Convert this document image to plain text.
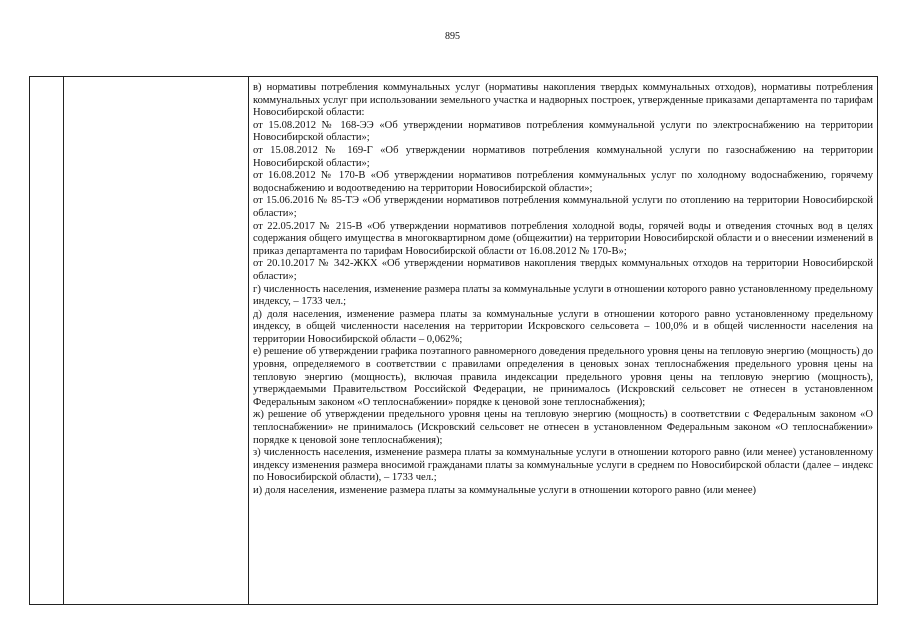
895

в) нормативы потребления коммунальных услуг (нормативы накопления твердых коммунальных отходов), нормативы потребления коммунальных услуг при использовании земельного участка и надворных построек, утвержденные приказами департамента по тарифам Новосибирской области:

от 15.08.2012 № 168-ЭЭ «Об утверждении нормативов потребления коммунальной услуги по электроснабжению на территории Новосибирской области»;

от 15.08.2012 № 169-Г «Об утверждении нормативов потребления коммунальной услуги по газоснабжению на территории Новосибирской области»;

от 16.08.2012 № 170-В «Об утверждении нормативов потребления коммунальных услуг по холодному водоснабжению, горячему водоснабжению и водоотведению на территории Новосибирской области»;

от 15.06.2016 № 85-ТЭ «Об утверждении нормативов потребления коммунальной услуги по отоплению на территории Новосибирской области»;

от 22.05.2017 № 215-В «Об утверждении нормативов потребления холодной воды, горячей воды и отведения сточных вод в целях содержания общего имущества в многоквартирном доме (общежитии) на территории Новосибирской области и о внесении изменений в приказ департамента по тарифам Новосибирской области от 16.08.2012 № 170-В»;

от 20.10.2017 № 342-ЖКХ «Об утверждении нормативов накопления твердых коммунальных отходов на территории Новосибирской области»;

г) численность населения, изменение размера платы за коммунальные услуги в отношении которого равно установленному предельному индексу, – 1733 чел.;

д) доля населения, изменение размера платы за коммунальные услуги в отношении которого равно установленному предельному индексу, в общей численности населения на территории Искровского сельсовета – 100,0% и в общей численности населения на территории Новосибирской области – 0,062%;

е) решение об утверждении графика поэтапного равномерного доведения предельного уровня цены на тепловую энергию (мощность) до уровня, определяемого в соответствии с правилами определения в ценовых зонах теплоснабжения предельного уровня цены на тепловую энергию (мощность), включая правила индексации предельного уровня цены на тепловую энергию (мощность), утверждаемыми Правительством Российской Федерации, не принималось (Искровский сельсовет не отнесен в установленном Федеральным законом «О теплоснабжении» порядке к ценовой зоне теплоснабжения);

ж) решение об утверждении предельного уровня цены на тепловую энергию (мощность) в соответствии с Федеральным законом «О теплоснабжении» не принималось (Искровский сельсовет не отнесен в установленном Федеральным законом «О теплоснабжении» порядке к ценовой зоне теплоснабжения);

з) численность населения, изменение размера платы за коммунальные услуги в отношении которого равно (или менее) установленному индексу изменения размера вносимой гражданами платы за коммунальные услуги в среднем по Новосибирской области (далее – индекс по Новосибирской области), – 1733 чел.;

и) доля населения, изменение размера платы за коммунальные услуги в отношении которого равно (или менее)
